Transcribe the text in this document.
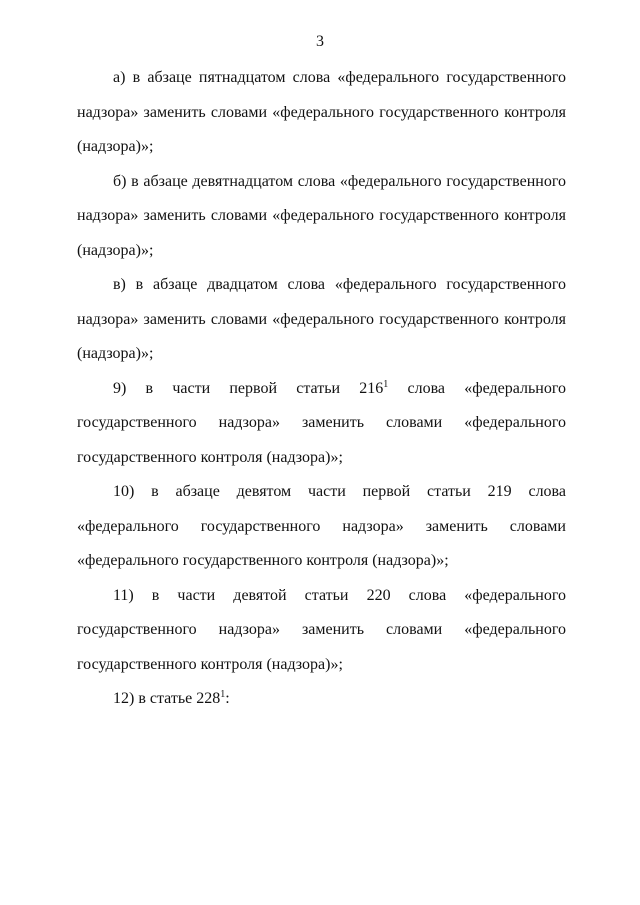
3

а) в абзаце пятнадцатом слова «федерального государственного надзора» заменить словами «федерального государственного контроля (надзора)»;

б) в абзаце девятнадцатом слова «федерального государственного надзора» заменить словами «федерального государственного контроля (надзора)»;

в) в абзаце двадцатом слова «федерального государственного надзора» заменить словами «федерального государственного контроля (надзора)»;

9) в части первой статьи $216^1$ слова «федерального государственного надзора» заменить словами «федерального государственного контроля (надзора)»;

10) в абзаце девятом части первой статьи 219 слова «федерального государственного надзора» заменить словами «федерального государственного контроля (надзора)»;

11) в части девятой статьи 220 слова «федерального государственного надзора» заменить словами «федерального государственного контроля (надзора)»;

12) в статье $228^1$:
